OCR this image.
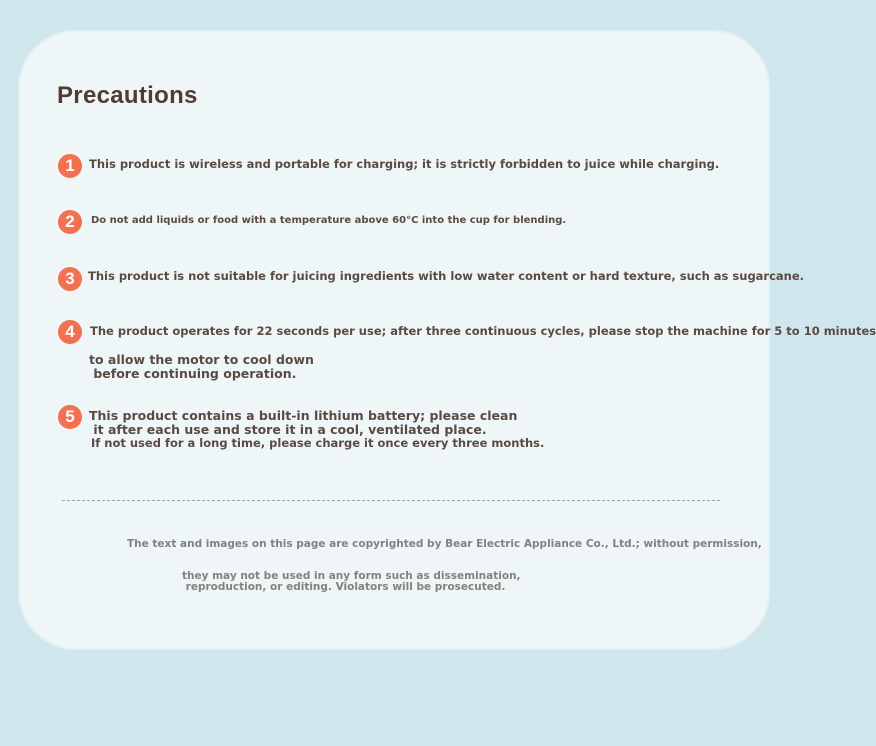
Precautions
1	This product is wireless and portable for charging; it is strictly forbidden to juice while charging.
2	Do not add liquids or food with a temperature above 60°C into the cup for blending.
3	This product is not suitable for juicing ingredients with low water content or hard texture, such as sugarcane.
4	The product operates for 22 seconds per use; after three continuous cycles, please stop the machine for 5 to 10 minutes
to allow the motor to cool down
before continuing operation.
5	This product contains a built-in lithium battery; please clean
it after each use and store it in a cool, ventilated place.
If not used for a long time, please charge it once every three months.
The text and images on this page are copyrighted by Bear Electric Appliance Co., Ltd.; without permission,
they may not be used in any form such as dissemination,
reproduction, or editing. Violators will be prosecuted.
